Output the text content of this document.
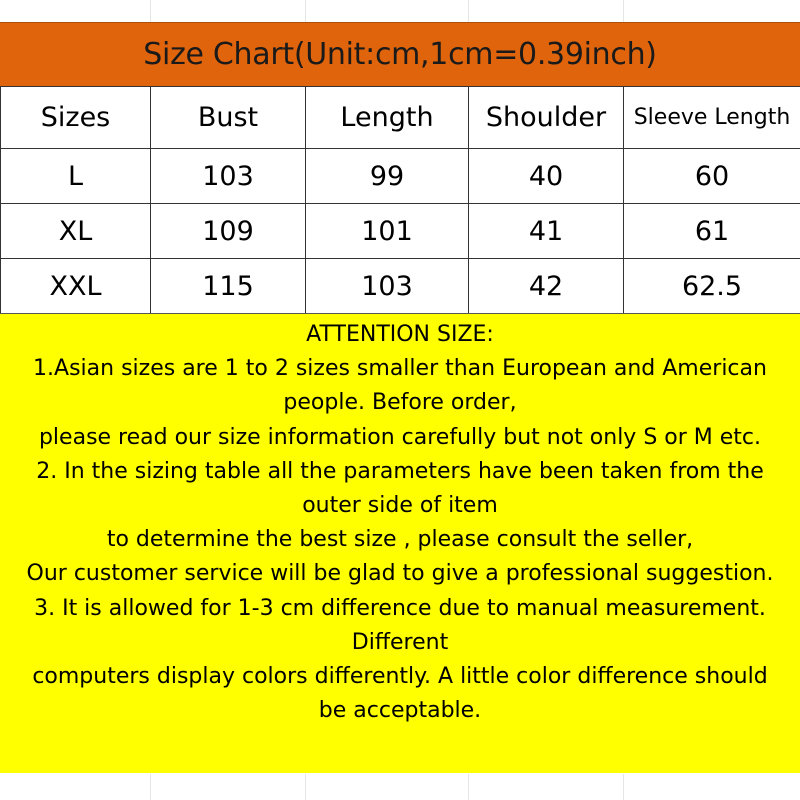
Size Chart(Unit:cm,1cm=0.39inch)
Sizes	Bust	Length	Shoulder	Sleeve Length
L	103	99	40	60
XL	109	101	41	61
XXL	115	103	42	62.5
ATTENTION SIZE:
1.Asian sizes are 1 to 2 sizes smaller than European and American
people. Before order,
please read our size information carefully but not only S or M etc.
2. In the sizing table all the parameters have been taken from the
outer side of item
to determine the best size , please consult the seller,
Our customer service will be glad to give a professional suggestion.
3. It is allowed for 1-3 cm difference due to manual measurement.
Different
computers display colors differently. A little color difference should
be acceptable.
